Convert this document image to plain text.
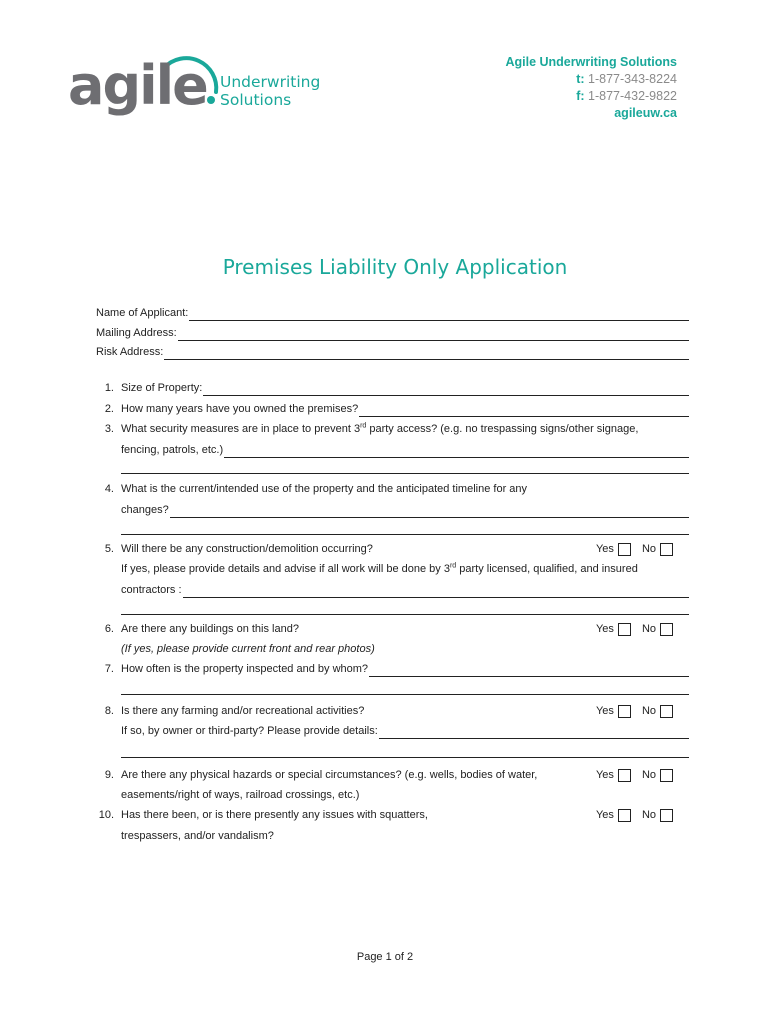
agile Underwriting
Solutions
Agile Underwriting Solutions
t: 1-877-343-8224
f: 1-877-432-9822
agileuw.ca
Premises Liability Only Application
Name of Applicant:
Mailing Address:
Risk Address:
1. Size of Property:
2. How many years have you owned the premises?
3. What security measures are in place to prevent 3rd party access? (e.g. no trespassing signs/other signage,
fencing, patrols, etc.)
4. What is the current/intended use of the property and the anticipated timeline for any
changes?
5. Will there be any construction/demolition occurring?	Yes	No
If yes, please provide details and advise if all work will be done by 3rd party licensed, qualified, and insured
contractors :
6. Are there any buildings on this land?	Yes	No
(If yes, please provide current front and rear photos)
7. How often is the property inspected and by whom?
8. Is there any farming and/or recreational activities?	Yes	No
If so, by owner or third-party? Please provide details:
9. Are there any physical hazards or special circumstances? (e.g. wells, bodies of water,	Yes	No
easements/right of ways, railroad crossings, etc.)
10. Has there been, or is there presently any issues with squatters,	Yes	No
trespassers, and/or vandalism?
Page 1 of 2
